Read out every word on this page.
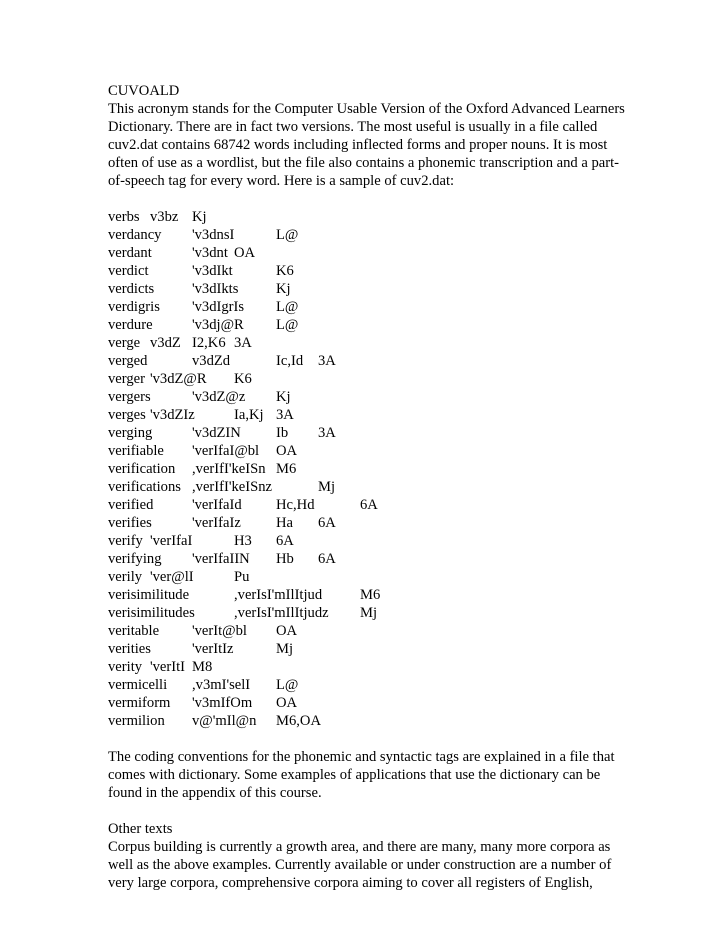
CUVOALD
This acronym stands for the Computer Usable Version of the Oxford Advanced Learners
Dictionary. There are in fact two versions. The most useful is usually in a file called
cuv2.dat contains 68742 words including inflected forms and proper nouns. It is most
often of use as a wordlist, but the file also contains a phonemic transcription and a part-
of-speech tag for every word. Here is a sample of cuv2.dat:
verbs v3bz Kj
verdancy 'v3dnsI	L@
verdant	'v3dnt OA
verdict	'v3dIkt	K6
verdicts	'v3dIkts	Kj
verdigris 'v3dIgrIs L@
verdure	'v3dj@R L@
verge v3dZ I2,K6 3A
verged	v3dZd	Ic,Id 3A
verger 'v3dZ@R K6
vergers	'v3dZ@z Kj
verges 'v3dZIz	Ia,Kj 3A
verging	'v3dZIN Ib 3A
verifiable 'verIfaI@bl OA
verification ,verIfI'keISn M6
verifications ,verIfI'keISnz	Mj
verified	'verIfaId Hc,Hd	6A
verifies	'verIfaIz Ha 6A
verify 'verIfaI	H3 6A
verifying 'verIfaIIN Hb 6A
verily 'ver@lI	Pu
verisimilitude	,verIsI'mIlItjud	M6
verisimilitudes	,verIsI'mIlItjudz Mj
veritable 'verIt@bl OA
verities	'verItIz	Mj
verity 'verItI M8
vermicelli ,v3mI'selI L@
vermiform 'v3mIfOm OA
vermilion v@'mIl@n M6,OA
The coding conventions for the phonemic and syntactic tags are explained in a file that
comes with dictionary. Some examples of applications that use the dictionary can be
found in the appendix of this course.
Other texts
Corpus building is currently a growth area, and there are many, many more corpora as
well as the above examples. Currently available or under construction are a number of
very large corpora, comprehensive corpora aiming to cover all registers of English,
